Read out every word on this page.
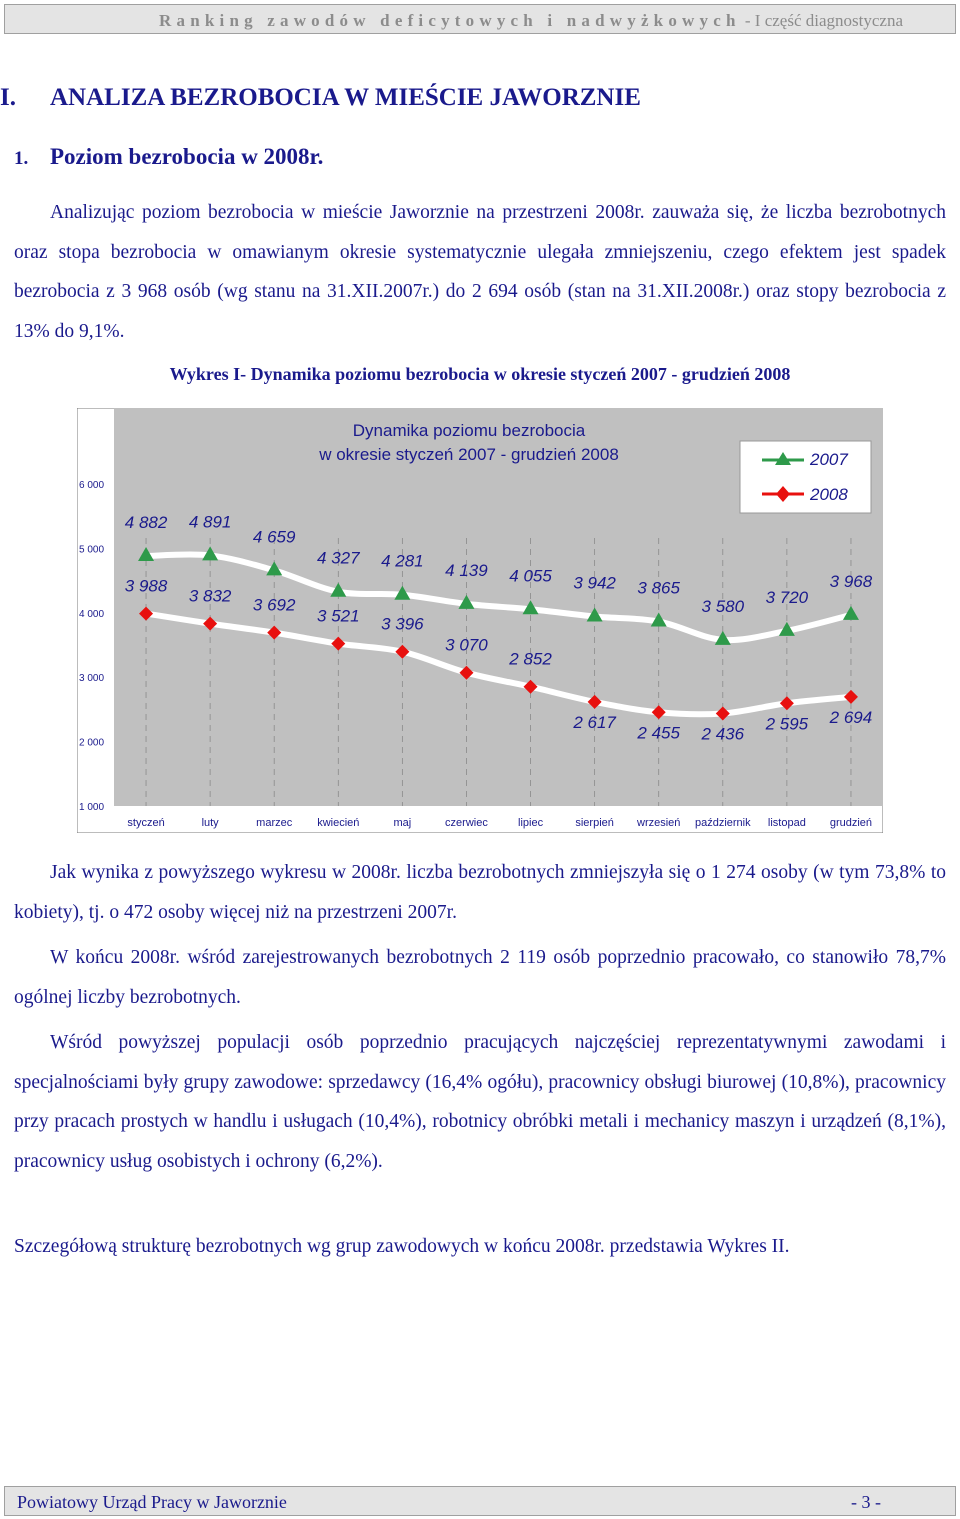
Ranking zawodów deficytowych i nadwyżkowych - I część diagnostyczna
I. ANALIZA BEZROBOCIA W MIEŚCIE JAWORZNIE
1. Poziom bezrobocia w 2008r.
Analizując poziom bezrobocia w mieście Jaworznie na przestrzeni 2008r. zauważa się, że liczba bezrobotnych oraz stopa bezrobocia w omawianym okresie systematycznie ulegała zmniejszeniu, czego efektem jest spadek bezrobocia z 3 968 osób (wg stanu na 31.XII.2007r.) do 2 694 osób (stan na 31.XII.2008r.) oraz stopy bezrobocia z 13% do 9,1%.
Wykres I- Dynamika poziomu bezrobocia w okresie styczeń 2007 - grudzień 2008
Dynamika poziomu bezrobocia
w okresie styczeń 2007 - grudzień 2008
1 000
2 000
3 000
4 000
5 000
6 000
styczeń	luty	marzec kwiecień	maj	czerwiec	lipiec	sierpień wrzesień październik listopad grudzień
4 882 4 891
4 659
4 327 4 281 4 139 4 055 3 942 3 865
3 580 3 720
3 968
3 988
3 832 3 692
3 521 3 396
3 070
2 852
2 617
2 455 2 436
2 595 2 694
2007
2008
Jak wynika z powyższego wykresu w 2008r. liczba bezrobotnych zmniejszyła się o 1 274 osoby (w tym 73,8% to kobiety), tj. o 472 osoby więcej niż na przestrzeni 2007r.
W końcu 2008r. wśród zarejestrowanych bezrobotnych 2 119 osób poprzednio pracowało, co stanowiło 78,7% ogólnej liczby bezrobotnych.
Wśród powyższej populacji osób poprzednio pracujących najczęściej reprezentatywnymi zawodami i specjalnościami były grupy zawodowe: sprzedawcy (16,4% ogółu), pracownicy obsługi biurowej (10,8%), pracownicy przy pracach prostych w handlu i usługach (10,4%), robotnicy obróbki metali i mechanicy maszyn i urządzeń (8,1%), pracownicy usług osobistych i ochrony (6,2%).
Szczegółową strukturę bezrobotnych wg grup zawodowych w końcu 2008r. przedstawia Wykres II.
Powiatowy Urząd Pracy w Jaworznie	- 3 -
